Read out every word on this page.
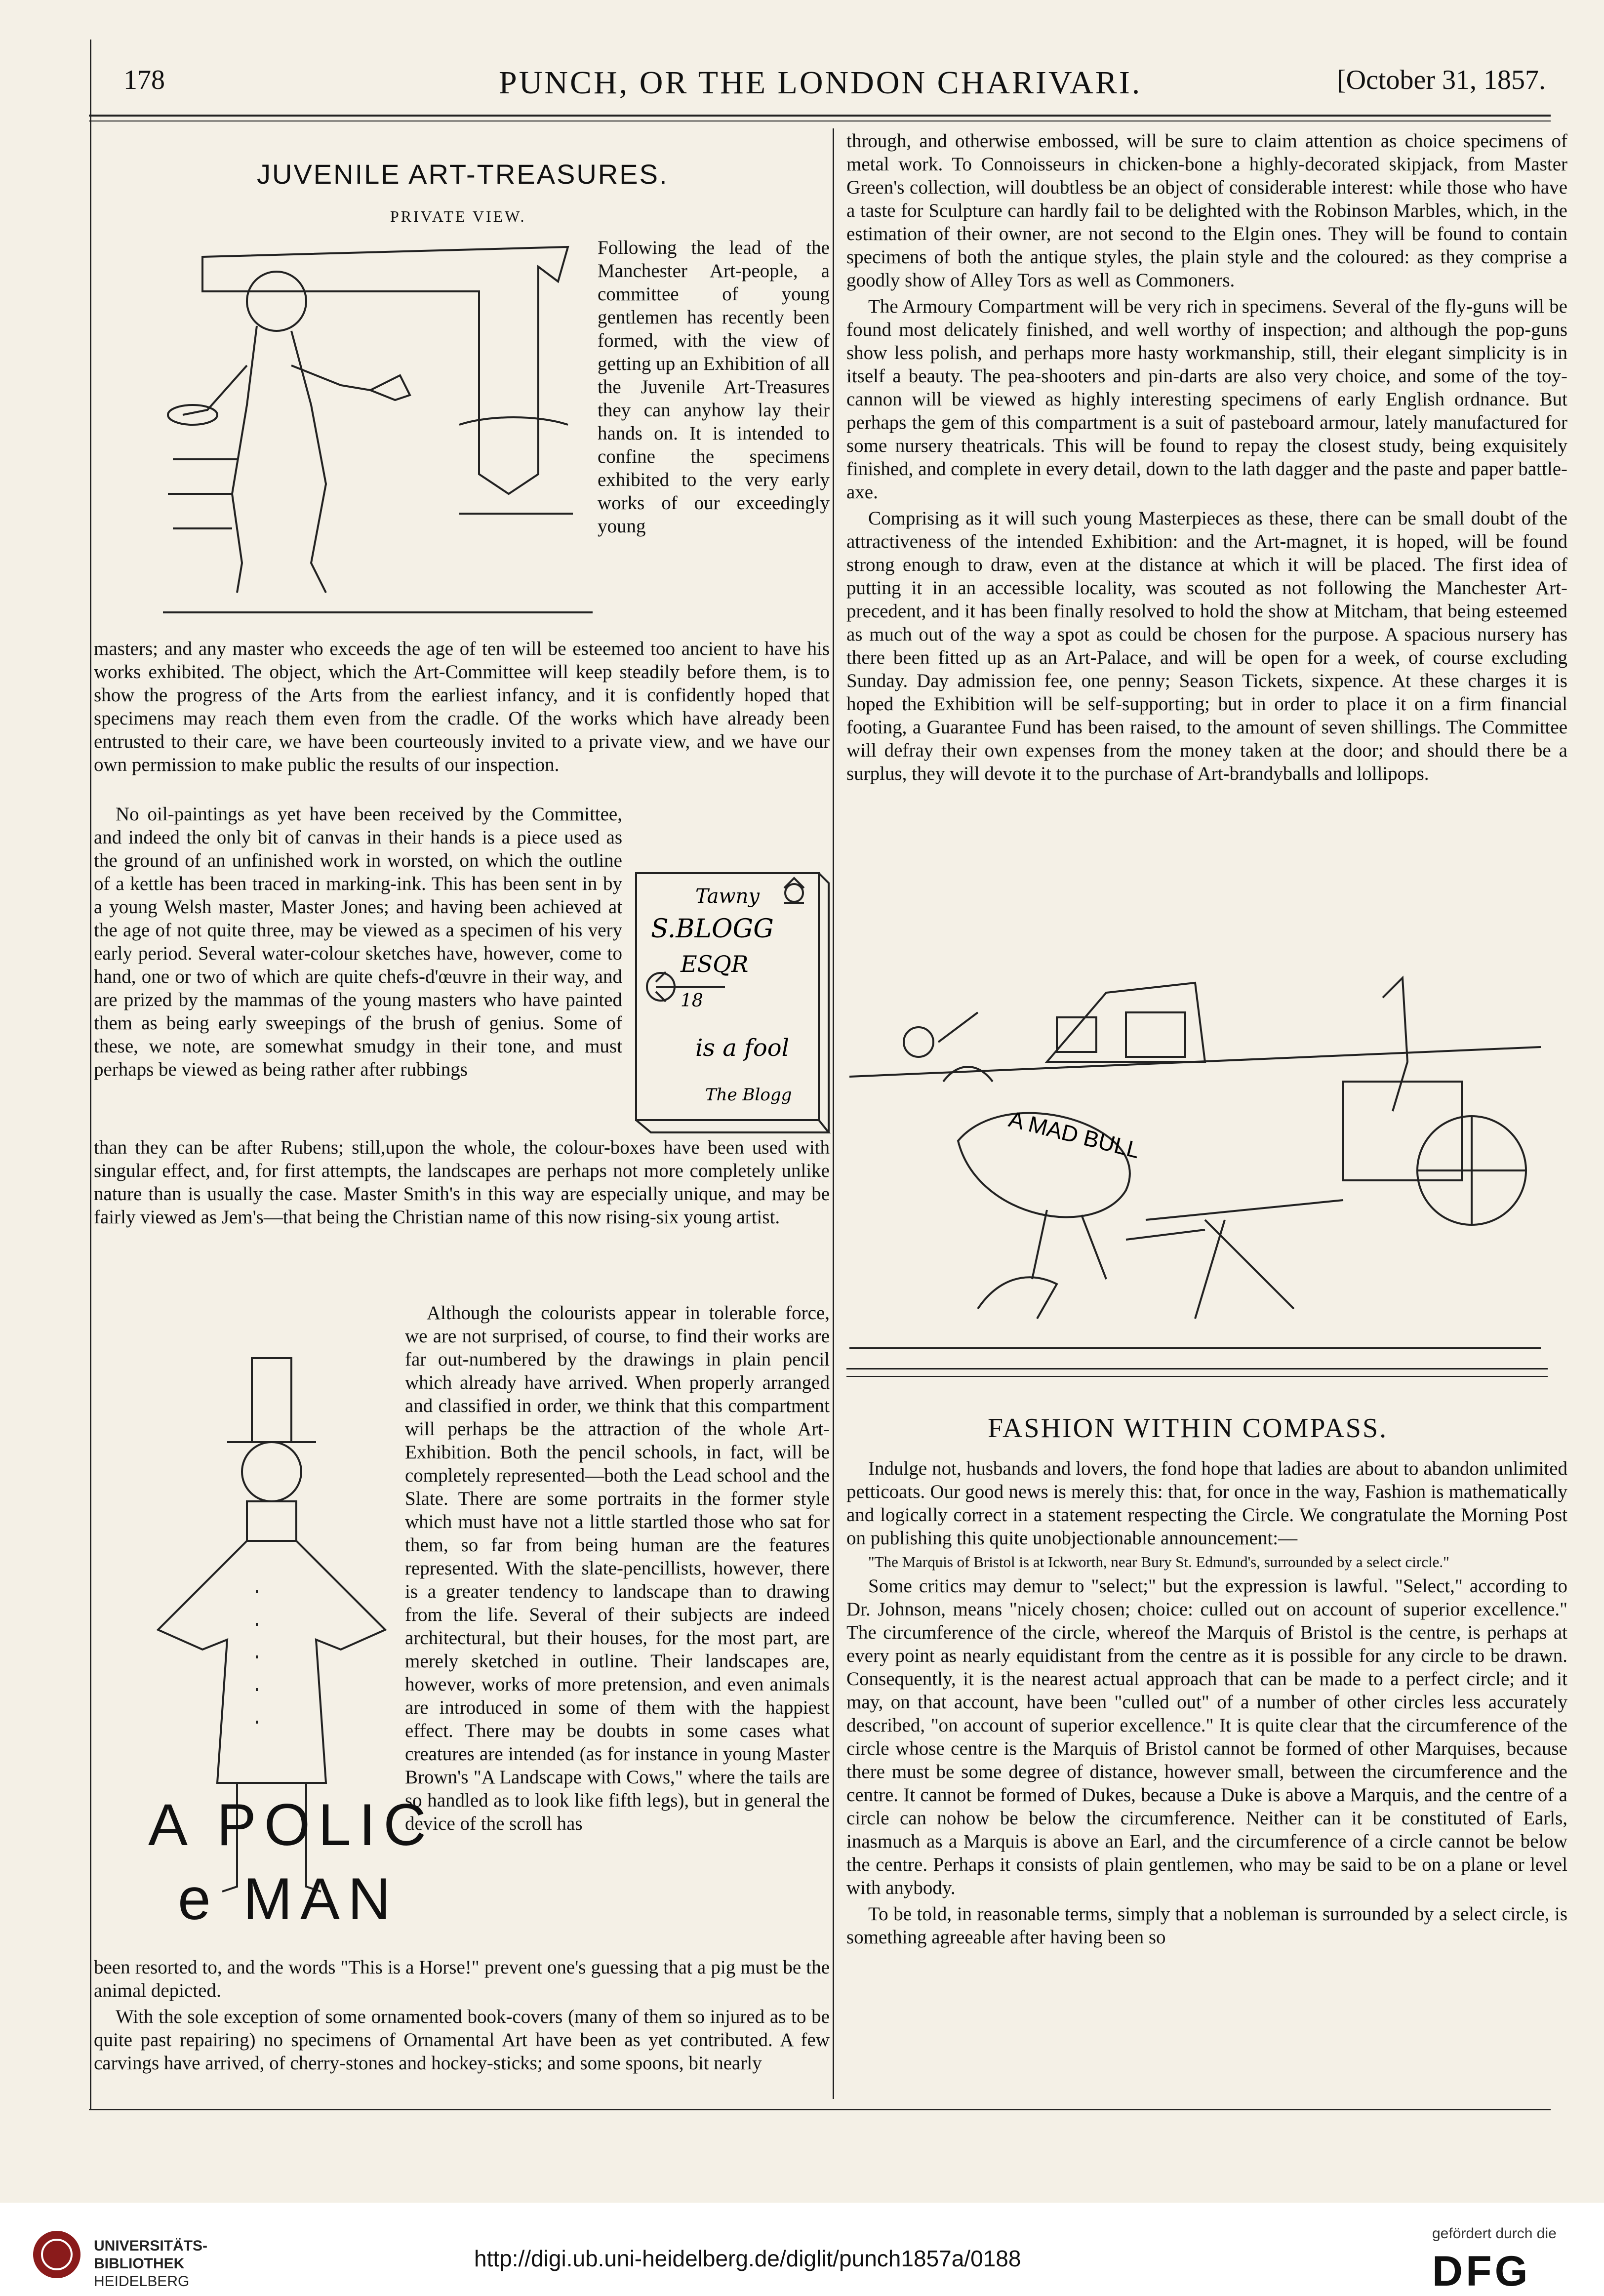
178	PUNCH, OR THE LONDON CHARIVARI.	[October 31, 1857.
JUVENILE ART-TREASURES.
PRIVATE VIEW.

Following the lead of the Manchester Art-people, a committee of young gentlemen has recently been formed, with the view of getting up an Exhibition of all the Juvenile Art-Treasures they can anyhow lay their hands on. It is intended to confine the specimens exhibited to the very early works of our exceedingly young

masters; and any master who exceeds the age of ten will be esteemed too ancient to have his works exhibited. The object, which the Art-Committee will keep steadily before them, is to show the progress of the Arts from the earliest infancy, and it is confidently hoped that specimens may reach them even from the cradle. Of the works which have already been entrusted to their care, we have been courteously invited to a private view, and we have our own permission to make public the results of our inspection.

No oil-paintings as yet have been received by the Committee, and indeed the only bit of canvas in their hands is a piece used as the ground of an unfinished work in worsted, on which the outline of a kettle has been traced in marking-ink. This has been sent in by a young Welsh master, Master Jones; and having been achieved at the age of not quite three, may be viewed as a specimen of his very early period. Several water-colour sketches have, however, come to hand, one or two of which are quite chefs-d'œuvre in their way, and are prized by the mammas of the young masters who have painted them as being early sweepings of the brush of genius. Some of these, we note, are somewhat smudgy in their tone, and must perhaps be viewed as being rather after rubbings

Tawny
S.BLOGG
ESQR
18
is a fool
The Blogg

than they can be after Rubens; still,upon the whole, the colour-boxes have been used with singular effect, and, for first attempts, the landscapes are perhaps not more completely unlike nature than is usually the case. Master Smith's in this way are especially unique, and may be fairly viewed as Jem's—that being the Christian name of this now rising-six young artist.

A POLIC
e MAN

Although the colourists appear in tolerable force, we are not surprised, of course, to find their works are far out-numbered by the drawings in plain pencil which already have arrived. When properly arranged and classified in order, we think that this compartment will perhaps be the attraction of the whole Art-Exhibition. Both the pencil schools, in fact, will be completely represented—both the Lead school and the Slate. There are some portraits in the former style which must have not a little startled those who sat for them, so far from being human are the features represented. With the slate-pencillists, however, there is a greater tendency to landscape than to drawing from the life. Several of their subjects are indeed architectural, but their houses, for the most part, are merely sketched in outline. Their landscapes are, however, works of more pretension, and even animals are introduced in some of them with the happiest effect. There may be doubts in some cases what creatures are intended (as for instance in young Master Brown's "A Landscape with Cows," where the tails are so handled as to look like fifth legs), but in general the device of the scroll has

been resorted to, and the words "This is a Horse!" prevent one's guessing that a pig must be the animal depicted.

With the sole exception of some ornamented book-covers (many of them so injured as to be quite past repairing) no specimens of Ornamental Art have been as yet contributed. A few carvings have arrived, of cherry-stones and hockey-sticks; and some spoons, bit nearly

through, and otherwise embossed, will be sure to claim attention as choice specimens of metal work. To Connoisseurs in chicken-bone a highly-decorated skipjack, from Master Green's collection, will doubtless be an object of considerable interest: while those who have a taste for Sculpture can hardly fail to be delighted with the Robinson Marbles, which, in the estimation of their owner, are not second to the Elgin ones. They will be found to contain specimens of both the antique styles, the plain style and the coloured: as they comprise a goodly show of Alley Tors as well as Commoners.

The Armoury Compartment will be very rich in specimens. Several of the fly-guns will be found most delicately finished, and well worthy of inspection; and although the pop-guns show less polish, and perhaps more hasty workmanship, still, their elegant simplicity is in itself a beauty. The pea-shooters and pin-darts are also very choice, and some of the toy-cannon will be viewed as highly interesting specimens of early English ordnance. But perhaps the gem of this compartment is a suit of pasteboard armour, lately manufactured for some nursery theatricals. This will be found to repay the closest study, being exquisitely finished, and complete in every detail, down to the lath dagger and the paste and paper battle-axe.

Comprising as it will such young Masterpieces as these, there can be small doubt of the attractiveness of the intended Exhibition: and the Art-magnet, it is hoped, will be found strong enough to draw, even at the distance at which it will be placed. The first idea of putting it in an accessible locality, was scouted as not following the Manchester Art-precedent, and it has been finally resolved to hold the show at Mitcham, that being esteemed as much out of the way a spot as could be chosen for the purpose. A spacious nursery has there been fitted up as an Art-Palace, and will be open for a week, of course excluding Sunday. Day admission fee, one penny; Season Tickets, sixpence. At these charges it is hoped the Exhibition will be self-supporting; but in order to place it on a firm financial footing, a Guarantee Fund has been raised, to the amount of seven shillings. The Committee will defray their own expenses from the money taken at the door; and should there be a surplus, they will devote it to the purchase of Art-brandyballs and lollipops.

A MAD BULL
FASHION WITHIN COMPASS.

Indulge not, husbands and lovers, the fond hope that ladies are about to abandon unlimited petticoats. Our good news is merely this: that, for once in the way, Fashion is mathematically and logically correct in a statement respecting the Circle. We congratulate the Morning Post on publishing this quite unobjectionable announcement:—

"The Marquis of Bristol is at Ickworth, near Bury St. Edmund's, surrounded by a select circle."

Some critics may demur to "select;" but the expression is lawful. "Select," according to Dr. Johnson, means "nicely chosen; choice: culled out on account of superior excellence." The circumference of the circle, whereof the Marquis of Bristol is the centre, is perhaps at every point as nearly equidistant from the centre as it is possible for any circle to be drawn. Consequently, it is the nearest actual approach that can be made to a perfect circle; and it may, on that account, have been "culled out" of a number of other circles less accurately described, "on account of superior excellence." It is quite clear that the circumference of the circle whose centre is the Marquis of Bristol cannot be formed of other Marquises, because there must be some degree of distance, however small, between the circumference and the centre. It cannot be formed of Dukes, because a Duke is above a Marquis, and the centre of a circle can nohow be below the circumference. Neither can it be constituted of Earls, inasmuch as a Marquis is above an Earl, and the circumference of a circle cannot be below the centre. Perhaps it consists of plain gentlemen, who may be said to be on a plane or level with anybody.

To be told, in reasonable terms, simply that a nobleman is surrounded by a select circle, is something agreeable after having been so

UNIVERSITÄTS-
BIBLIOTHEK
HEIDELBERG
http://digi.ub.uni-heidelberg.de/diglit/punch1857a/0188
gefördert durch die
DFG
